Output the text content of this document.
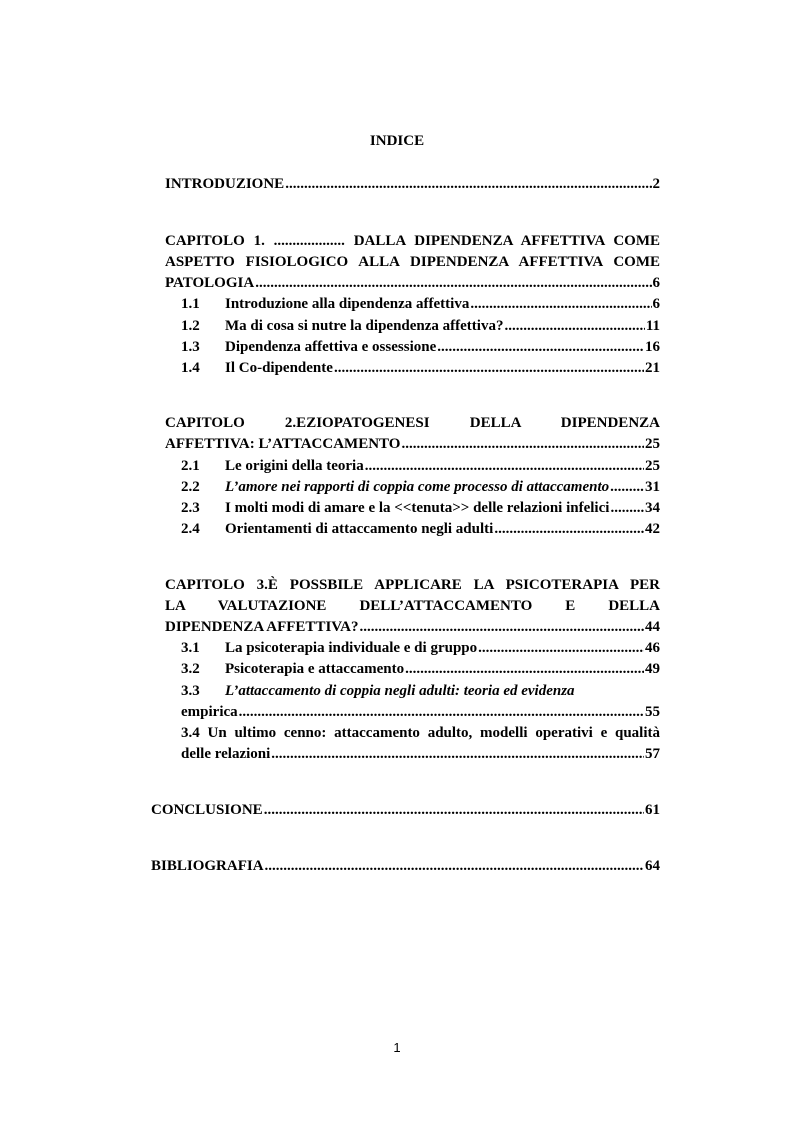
INDICE
INTRODUZIONE .....	2
CAPITOLO 1. ................... DALLA DIPENDENZA AFFETTIVA COME
ASPETTO FISIOLOGICO ALLA DIPENDENZA AFFETTIVA COME
PATOLOGIA .....	6
1.1	Introduzione alla dipendenza affettiva .....	6
1.2	Ma di cosa si nutre la dipendenza affettiva? .....	11
1.3	Dipendenza affettiva e ossessione .....	16
1.4	Il Co-dipendente .....	21
CAPITOLO 2.EZIOPATOGENESI DELLA DIPENDENZA
AFFETTIVA: L’ATTACCAMENTO .....	25
2.1	Le origini della teoria .....	25
2.2	L’amore nei rapporti di coppia come processo di attaccamento ..... 31
2.3	I molti modi di amare e la <<tenuta>> delle relazioni infelici ..... 34
2.4	Orientamenti di attaccamento negli adulti .....	42
CAPITOLO 3.È POSSBILE APPLICARE LA PSICOTERAPIA PER
LA VALUTAZIONE DELL’ATTACCAMENTO E DELLA
DIPENDENZA AFFETTIVA? .....	44
3.1	La psicoterapia individuale e di gruppo .....	46
3.2	Psicoterapia e attaccamento .....	49
3.3	L’attaccamento di coppia negli adulti: teoria ed evidenza
empirica .....	55
3.4 Un ultimo cenno: attaccamento adulto, modelli operativi e qualità
delle relazioni .....	57
CONCLUSIONE .....	61
BIBLIOGRAFIA .....	64
1
